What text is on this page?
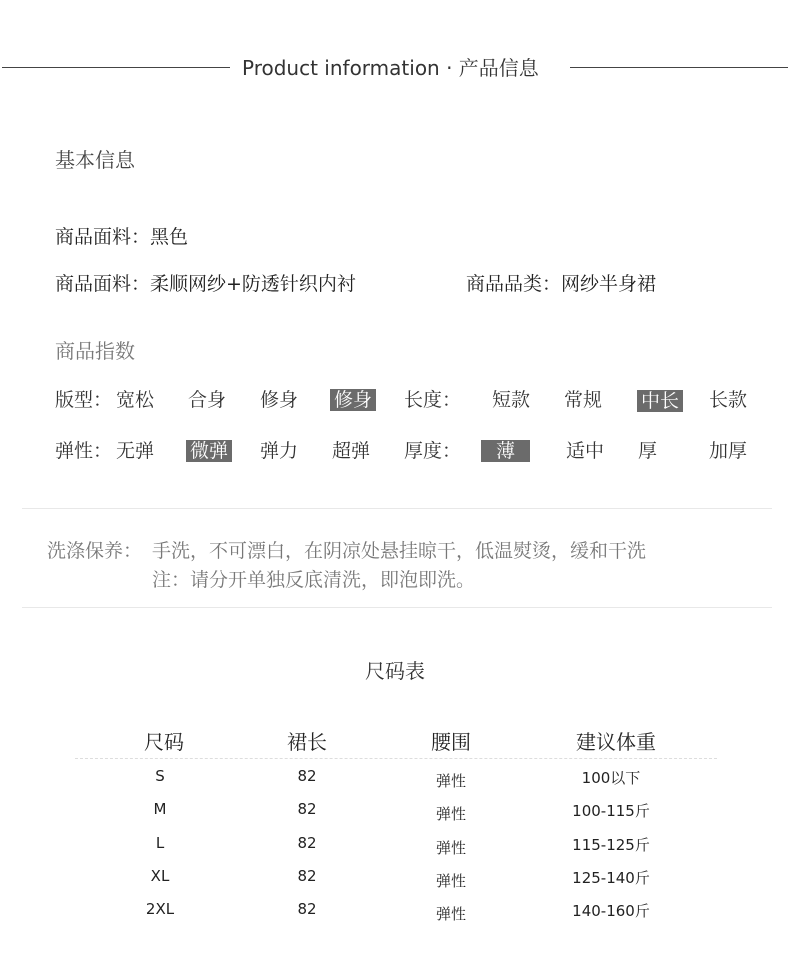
Product information · 产品信息
基本信息
商品面料：黑色
商品面料：柔顺网纱+防透针织内衬	商品品类：网纱半身裙
商品指数
版型： 宽松 合身 修身 修身 长度： 短款 常规 中长 长款
弹性： 无弹 微弹 弹力 超弹 厚度：	薄	适中 厚	加厚
洗涤保养： 手洗，不可漂白，在阴凉处悬挂晾干，低温熨烫，缓和干洗
注：请分开单独反底清洗，即泡即洗。
尺码表
尺码	裙长	腰围	建议体重
S	82	弹性	100以下
M	82	弹性	100-115斤
L	82	弹性	115-125斤
XL	82	弹性	125-140斤
2XL	82	弹性	140-160斤
